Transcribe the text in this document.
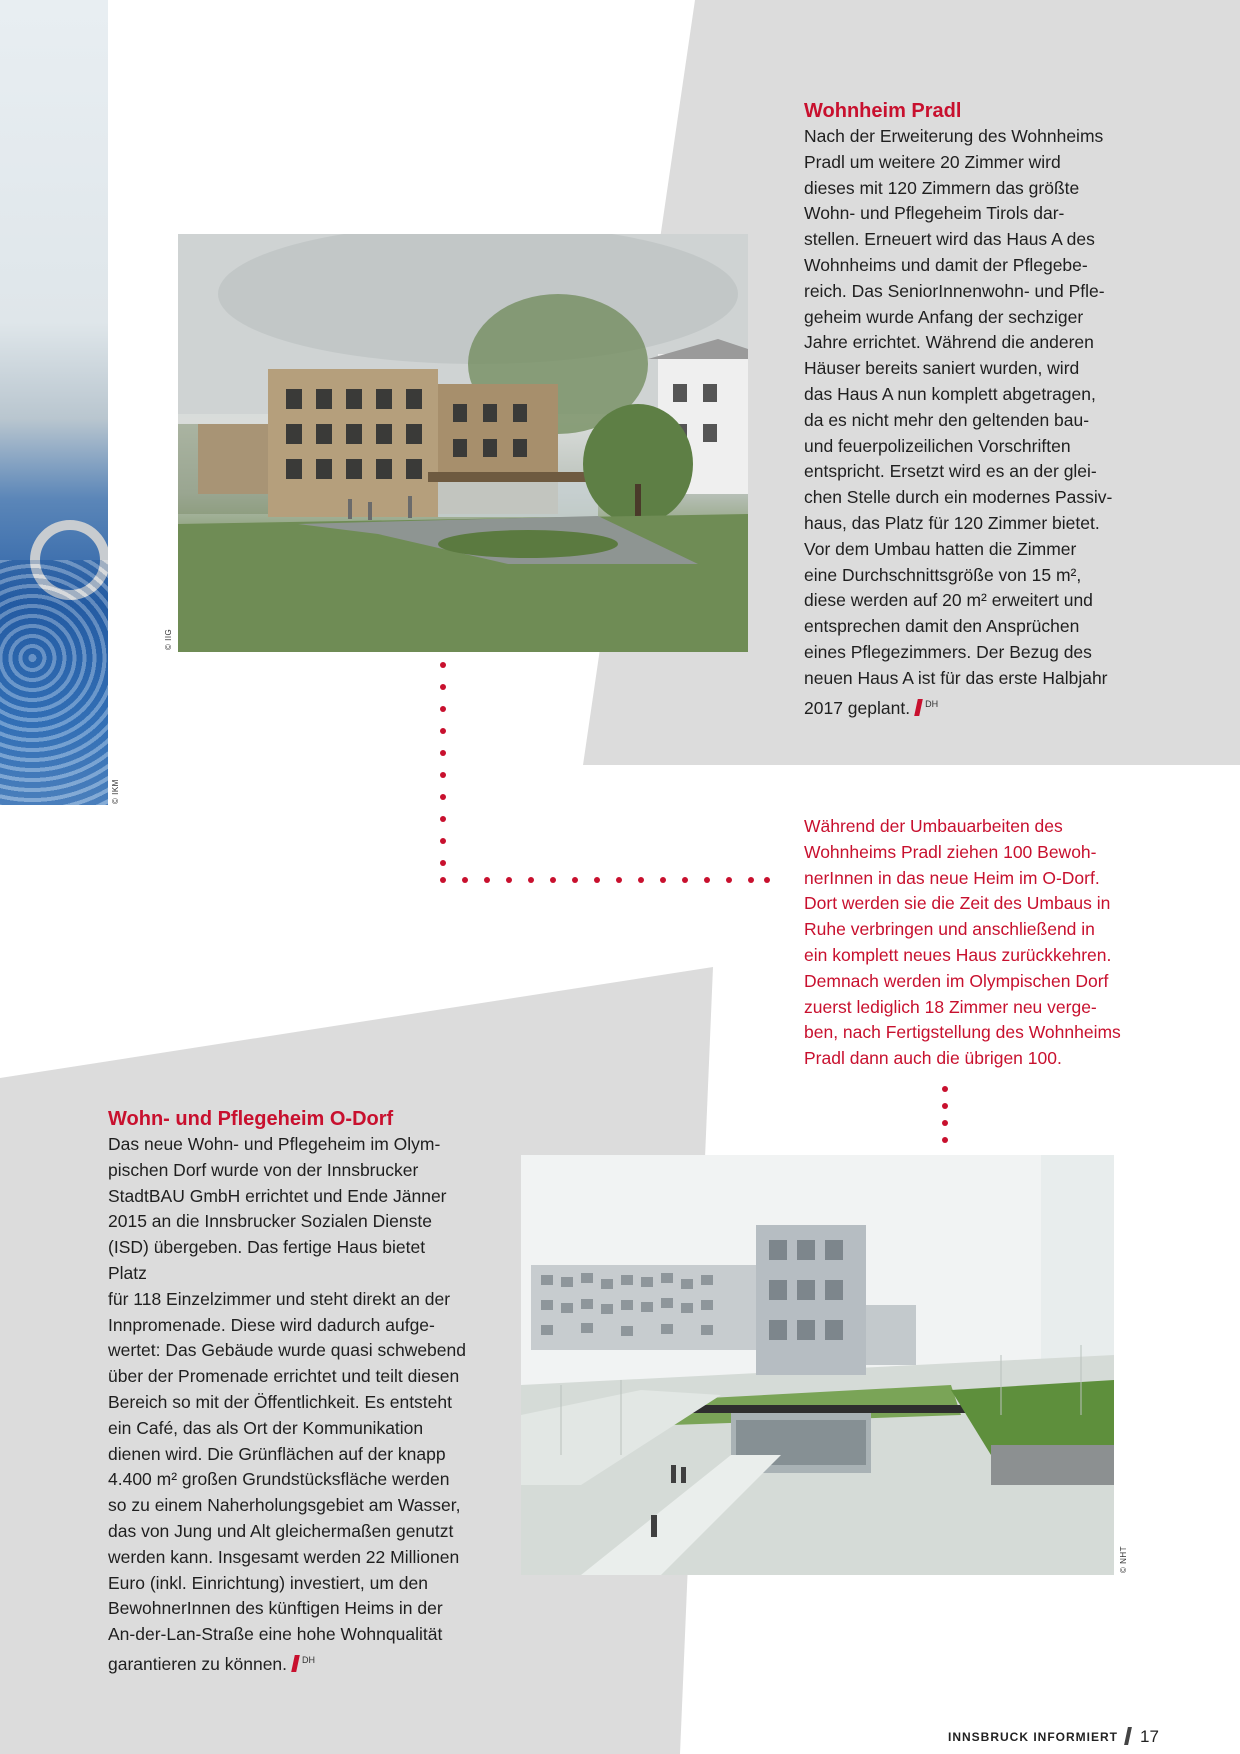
© IKM
© IIG
Wohnheim Pradl
Nach der Erweiterung des Wohnheims
Pradl um weitere 20 Zimmer wird
dieses mit 120 Zimmern das größte
Wohn- und Pflegeheim Tirols dar-
stellen. Erneuert wird das Haus A des
Wohnheims und damit der Pflegebe-
reich. Das SeniorInnenwohn- und Pfle-
geheim wurde Anfang der sechziger
Jahre errichtet. Während die anderen
Häuser bereits saniert wurden, wird
das Haus A nun komplett abgetragen,
da es nicht mehr den geltenden bau-
und feuerpolizeilichen Vorschriften
entspricht. Ersetzt wird es an der glei-
chen Stelle durch ein modernes Passiv-
haus, das Platz für 120 Zimmer bietet.
Vor dem Umbau hatten die Zimmer
eine Durchschnittsgröße von 15 m²,
diese werden auf 20 m² erweitert und
entsprechen damit den Ansprüchen
eines Pflegezimmers. Der Bezug des
neuen Haus A ist für das erste Halbjahr
2017 geplant. $^{DH}$
Während der Umbauarbeiten des
Wohnheims Pradl ziehen 100 Bewoh-
nerInnen in das neue Heim im O-Dorf.
Dort werden sie die Zeit des Umbaus in
Ruhe verbringen und anschließend in
ein komplett neues Haus zurückkehren.
Demnach werden im Olympischen Dorf
zuerst lediglich 18 Zimmer neu verge-
ben, nach Fertigstellung des Wohnheims
Pradl dann auch die übrigen 100.
© NHT
Wohn- und Pflegeheim O-Dorf
Das neue Wohn- und Pflegeheim im Olym-
pischen Dorf wurde von der Innsbrucker
StadtBAU GmbH errichtet und Ende Jänner
2015 an die Innsbrucker Sozialen Dienste
(ISD) übergeben. Das fertige Haus bietet Platz
für 118 Einzelzimmer und steht direkt an der
Innpromenade. Diese wird dadurch aufge-
wertet: Das Gebäude wurde quasi schwebend
über der Promenade errichtet und teilt diesen
Bereich so mit der Öffentlichkeit. Es entsteht
ein Café, das als Ort der Kommunikation
dienen wird. Die Grünflächen auf der knapp
4.400 m² großen Grundstücksfläche werden
so zu einem Naherholungsgebiet am Wasser,
das von Jung und Alt gleichermaßen genutzt
werden kann. Insgesamt werden 22 Millionen
Euro (inkl. Einrichtung) investiert, um den
BewohnerInnen des künftigen Heims in der
An-der-Lan-Straße eine hohe Wohnqualität
garantieren zu können. $^{DH}$
INNSBRUCK INFORMIERT 17
